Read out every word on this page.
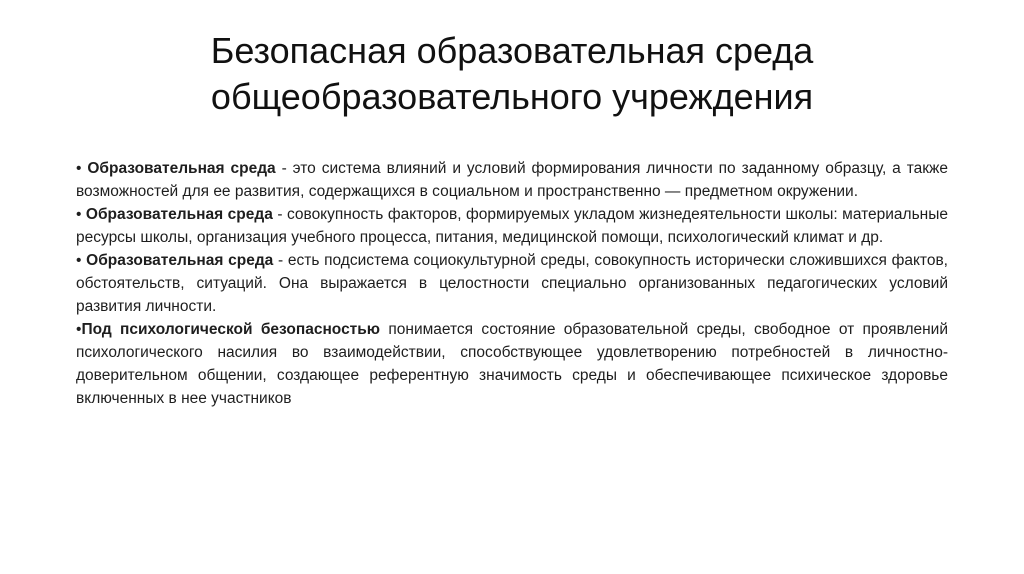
Безопасная образовательная среда
общеобразовательного учреждения

• Образовательная среда - это система влияний и условий формирования личности по заданному образцу, а также возможностей для ее развития, содержащихся в социальном и пространственно — предметном окружении.

• Образовательная среда - совокупность факторов, формируемых укладом жизнедеятельности школы: материальные ресурсы школы, организация учебного процесса, питания, медицинской помощи, психологический климат и др.

• Образовательная среда - есть подсистема социокультурной среды, совокупность исторически сложившихся фактов, обстоятельств, ситуаций. Она выражается в целостности специально организованных педагогических условий развития личности.

•Под психологической безопасностью понимается состояние образовательной среды, свободное от проявлений психологического насилия во взаимодействии, способствующее удовлетворению потребностей в личностно-доверительном общении, создающее референтную значимость среды и обеспечивающее психическое здоровье включенных в нее участников
